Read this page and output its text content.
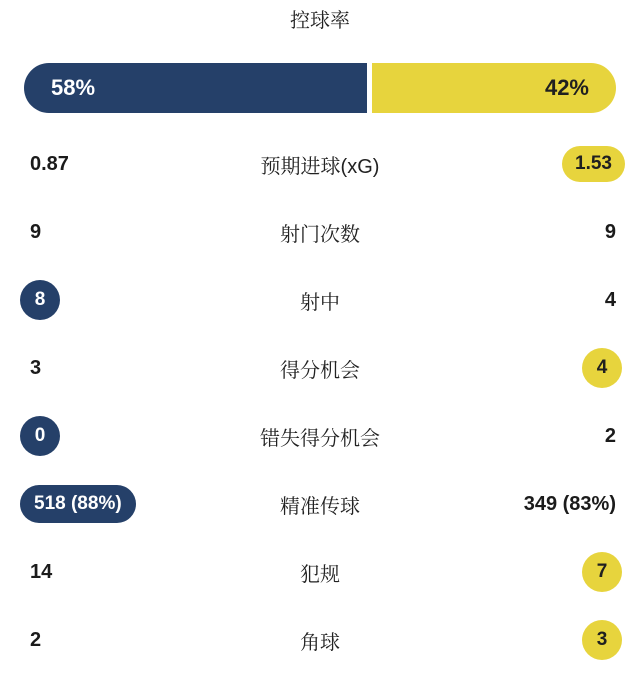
控球率
58%	42%
0.87	预期进球(xG)	1.53
9	射门次数	9
8	射中	4
3	得分机会	4
0	错失得分机会	2
518 (88%)	精准传球	349 (83%)
14	犯规	7
2	角球	3
